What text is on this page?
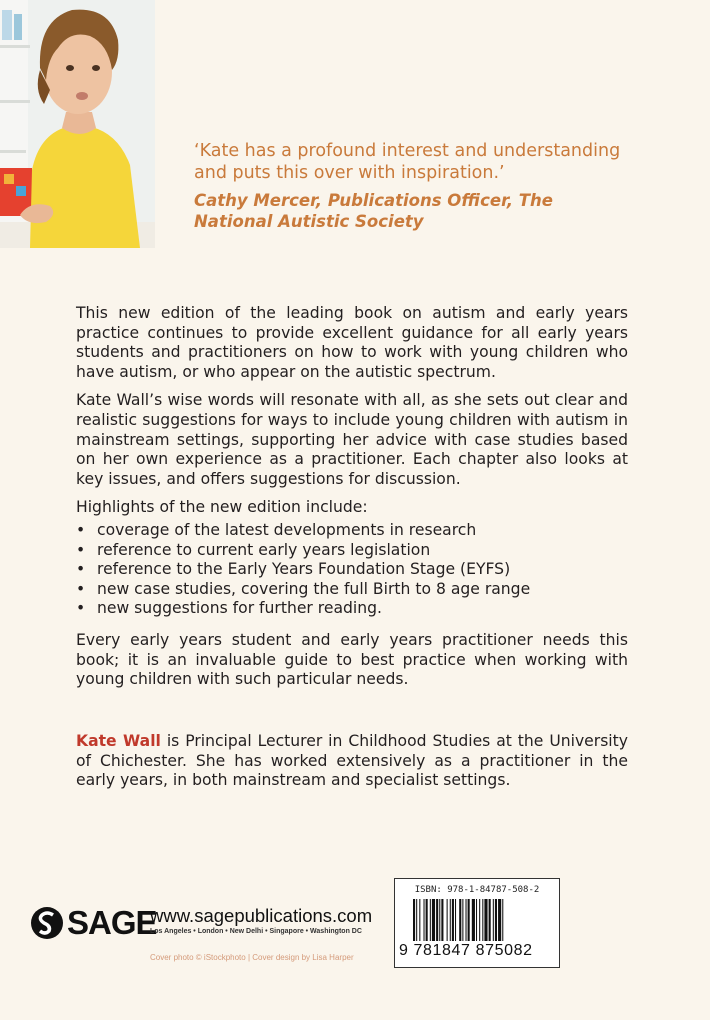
‘Kate has a profound interest and understanding and puts this over with inspiration.’
Cathy Mercer, Publications Officer, The National Autistic Society

This new edition of the leading book on autism and early years practice continues to provide excellent guidance for all early years students and practitioners on how to work with young children who have autism, or who appear on the autistic spectrum.

Kate Wall’s wise words will resonate with all, as she sets out clear and realistic suggestions for ways to include young children with autism in mainstream settings, supporting her advice with case studies based on her own experience as a practitioner. Each chapter also looks at key issues, and offers suggestions for discussion.

Highlights of the new edition include:

• coverage of the latest developments in research
• reference to current early years legislation
• reference to the Early Years Foundation Stage (EYFS)
• new case studies, covering the full Birth to 8 age range
• new suggestions for further reading.

Every early years student and early years practitioner needs this book; it is an invaluable guide to best practice when working with young children with such particular needs.

Kate Wall is Principal Lecturer in Childhood Studies at the University of Chichester. She has worked extensively as a practitioner in the early years, in both mainstream and specialist settings.
SAGE
www.sagepublications.com
Los Angeles • London • New Delhi • Singapore • Washington DC
Cover photo © iStockphoto | Cover design by Lisa Harper
ISBN: 978-1-84787-508-2
9 781847 875082
